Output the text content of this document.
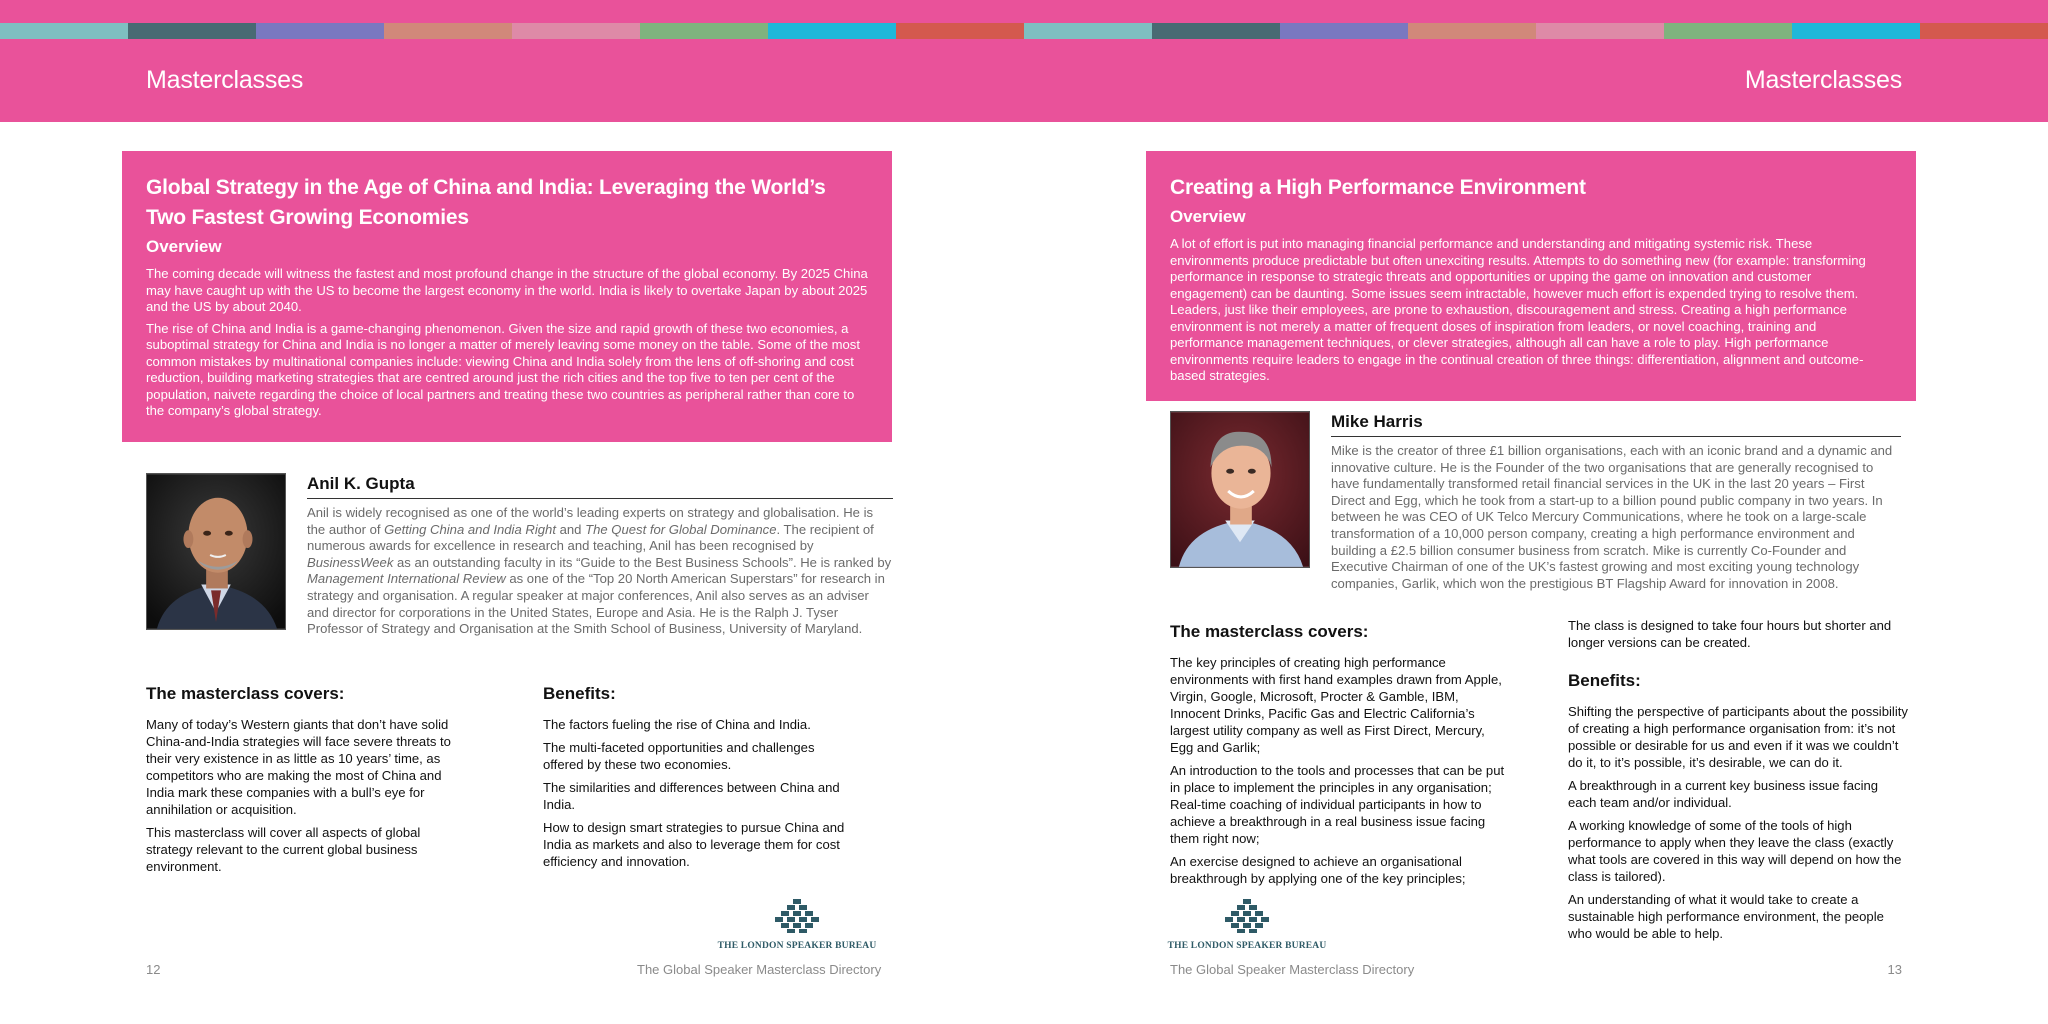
Masterclasses	Masterclasses
Global Strategy in the Age of China and India: Leveraging the World’s Two Fastest Growing Economies
Overview

The coming decade will witness the fastest and most profound change in the structure of the global economy. By 2025 China may have caught up with the US to become the largest economy in the world. India is likely to overtake Japan by about 2025 and the US by about 2040.

The rise of China and India is a game-changing phenomenon. Given the size and rapid growth of these two economies, a suboptimal strategy for China and India is no longer a matter of merely leaving some money on the table. Some of the most common mistakes by multinational companies include: viewing China and India solely from the lens of off-shoring and cost reduction, building marketing strategies that are centred around just the rich cities and the top five to ten per cent of the population, naivete regarding the choice of local partners and treating these two countries as peripheral rather than core to the company’s global strategy.

Anil K. Gupta

Anil is widely recognised as one of the world’s leading experts on strategy and globalisation. He is the author of Getting China and India Right and The Quest for Global Dominance. The recipient of numerous awards for excellence in research and teaching, Anil has been recognised by BusinessWeek as an outstanding faculty in its “Guide to the Best Business Schools”. He is ranked by Management International Review as one of the “Top 20 North American Superstars” for research in strategy and organisation. A regular speaker at major conferences, Anil also serves as an adviser and director for corporations in the United States, Europe and Asia. He is the Ralph J. Tyser Professor of Strategy and Organisation at the Smith School of Business, University of Maryland.

The masterclass covers:

Many of today’s Western giants that don’t have solid China-and-India strategies will face severe threats to their very existence in as little as 10 years’ time, as competitors who are making the most of China and India mark these companies with a bull’s eye for annihilation or acquisition.

This masterclass will cover all aspects of global strategy relevant to the current global business environment.

Benefits:

The factors fueling the rise of China and India.

The multi-faceted opportunities and challenges offered by these two economies.

The similarities and differences between China and India.

How to design smart strategies to pursue China and India as markets and also to leverage them for cost efficiency and innovation.

THE LONDON SPEAKER BUREAU
12	The Global Speaker Masterclass Directory
Creating a High Performance Environment
Overview

A lot of effort is put into managing financial performance and understanding and mitigating systemic risk. These environments produce predictable but often unexciting results. Attempts to do something new (for example: transforming performance in response to strategic threats and opportunities or upping the game on innovation and customer engagement) can be daunting. Some issues seem intractable, however much effort is expended trying to resolve them. Leaders, just like their employees, are prone to exhaustion, discouragement and stress. Creating a high performance environment is not merely a matter of frequent doses of inspiration from leaders, or novel coaching, training and performance management techniques, or clever strategies, although all can have a role to play. High performance environments require leaders to engage in the continual creation of three things: differentiation, alignment and outcome-based strategies.

Mike Harris

Mike is the creator of three £1 billion organisations, each with an iconic brand and a dynamic and innovative culture. He is the Founder of the two organisations that are generally recognised to have fundamentally transformed retail financial services in the UK in the last 20 years – First Direct and Egg, which he took from a start-up to a billion pound public company in two years. In between he was CEO of UK Telco Mercury Communications, where he took on a large-scale transformation of a 10,000 person company, creating a high performance environment and building a £2.5 billion consumer business from scratch. Mike is currently Co-Founder and Executive Chairman of one of the UK’s fastest growing and most exciting young technology companies, Garlik, which won the prestigious BT Flagship Award for innovation in 2008.

The masterclass covers:

The key principles of creating high performance environments with first hand examples drawn from Apple, Virgin, Google, Microsoft, Procter & Gamble, IBM, Innocent Drinks, Pacific Gas and Electric California’s largest utility company as well as First Direct, Mercury, Egg and Garlik;

An introduction to the tools and processes that can be put in place to implement the principles in any organisation; Real-time coaching of individual participants in how to achieve a breakthrough in a real business issue facing them right now;

An exercise designed to achieve an organisational breakthrough by applying one of the key principles;

The class is designed to take four hours but shorter and longer versions can be created.

Benefits:

Shifting the perspective of participants about the possibility of creating a high performance organisation from: it’s not possible or desirable for us and even if it was we couldn’t do it, to it’s possible, it’s desirable, we can do it.

A breakthrough in a current key business issue facing each team and/or individual.

A working knowledge of some of the tools of high performance to apply when they leave the class (exactly what tools are covered in this way will depend on how the class is tailored).

An understanding of what it would take to create a sustainable high performance environment, the people who would be able to help.

THE LONDON SPEAKER BUREAU
The Global Speaker Masterclass Directory	13
